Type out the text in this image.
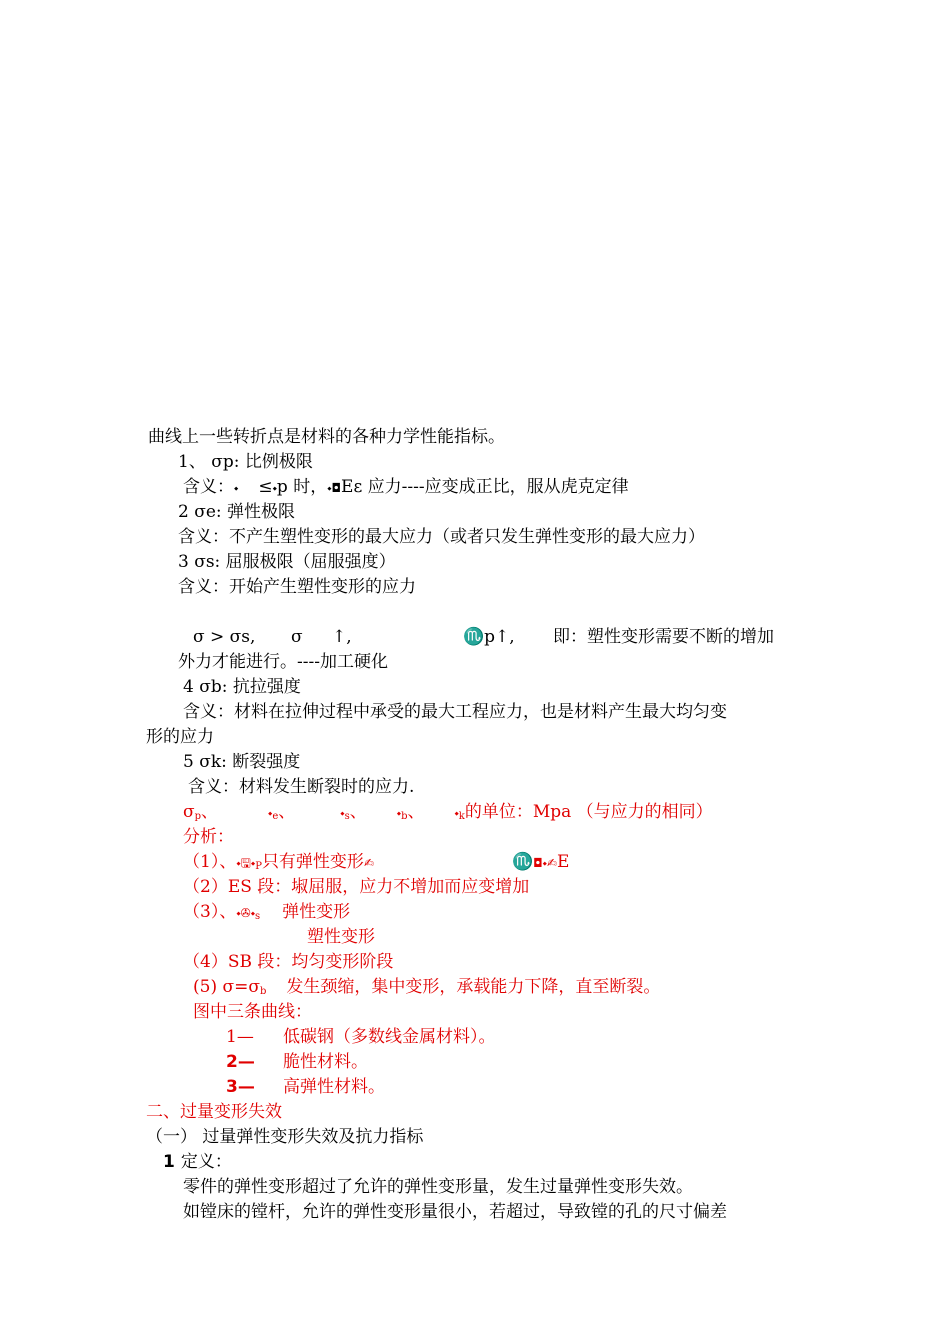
曲线上一些转折点是材料的各种力学性能指标。
1、 σp: 比例极限
含义：⬩ ≤⬩p 时，⬩◘Eε 应力----应变成正比，服从虎克定律
2 σe: 弹性极限
含义：不产生塑性变形的最大应力（或者只发生弹性变形的最大应力）
3 σs: 屈服极限（屈服强度）
含义：开始产生塑性变形的应力
σ > σs, σ ↑,	♏p↑, 即：塑性变形需要不断的增加
外力才能进行。----加工硬化
4 σb: 抗拉强度
含义：材料在拉伸过程中承受的最大工程应力，也是材料产生最大均匀变
形的应力
5 σk: 断裂强度
含义：材料发生断裂时的应力.
$\sigma_p$、	$⬩_e$、	$⬩_s$、	$⬩_b$、	$⬩_k$的单位：Mpa （与应力的相同）
分析：
（1）、$⬩🖫⬩_P$只有弹性变形✍	♏◘⬩✍E
（2）ES 段：埱屈服，应力不增加而应变增加
（3）、$⬩✇⬩_s$ 弹性变形
塑性变形
（4）SB 段：均匀变形阶段
(5) $\sigma=\sigma_b$ 发生颈缩，集中变形，承载能力下降，直至断裂。
图中三条曲线：
1— 低碳钢（多数线金属材料）。
2— 脆性材料。
3— 高弹性材料。
二、过量变形失效
（一） 过量弹性变形失效及抗力指标
1 定义：
零件的弹性变形超过了允许的弹性变形量，发生过量弹性变形失效。
如镗床的镗杆，允许的弹性变形量很小，若超过，导致镗的孔的尺寸偏差
